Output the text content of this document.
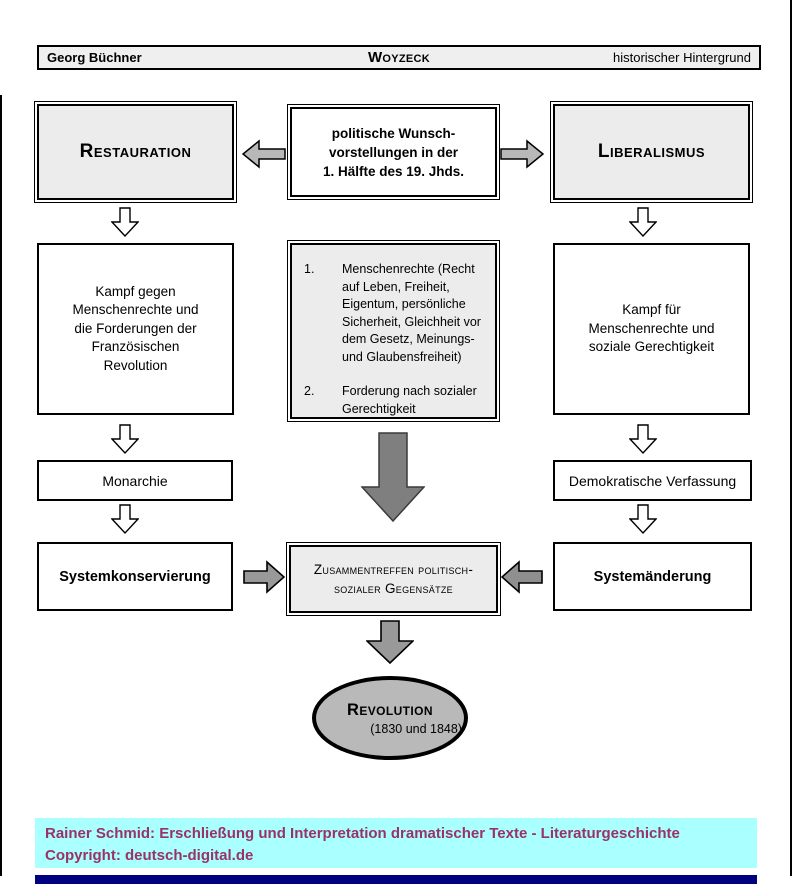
Georg Büchner	Woyzeck	historischer Hintergrund
Restauration
politische Wunsch-
vorstellungen in der
1. Hälfte des 19. Jhds.
Liberalismus
Kampf gegen
Menschenrechte und
die Forderungen der
Französischen
Revolution
1.	Menschenrechte (Recht auf Leben, Freiheit, Eigentum, persönliche Sicherheit, Gleichheit vor dem Gesetz, Meinungs- und Glaubensfreiheit)
2.	Forderung nach sozialer Gerechtigkeit
Kampf für
Menschenrechte und
soziale Gerechtigkeit
Monarchie	Demokratische Verfassung
Systemkonservierung	Zusammentreffen politisch-
sozialer Gegensätze
Systemänderung
Revolution
(1830 und 1848)
Rainer Schmid: Erschließung und Interpretation dramatischer Texte - Literaturgeschichte
Copyright: deutsch-digital.de
